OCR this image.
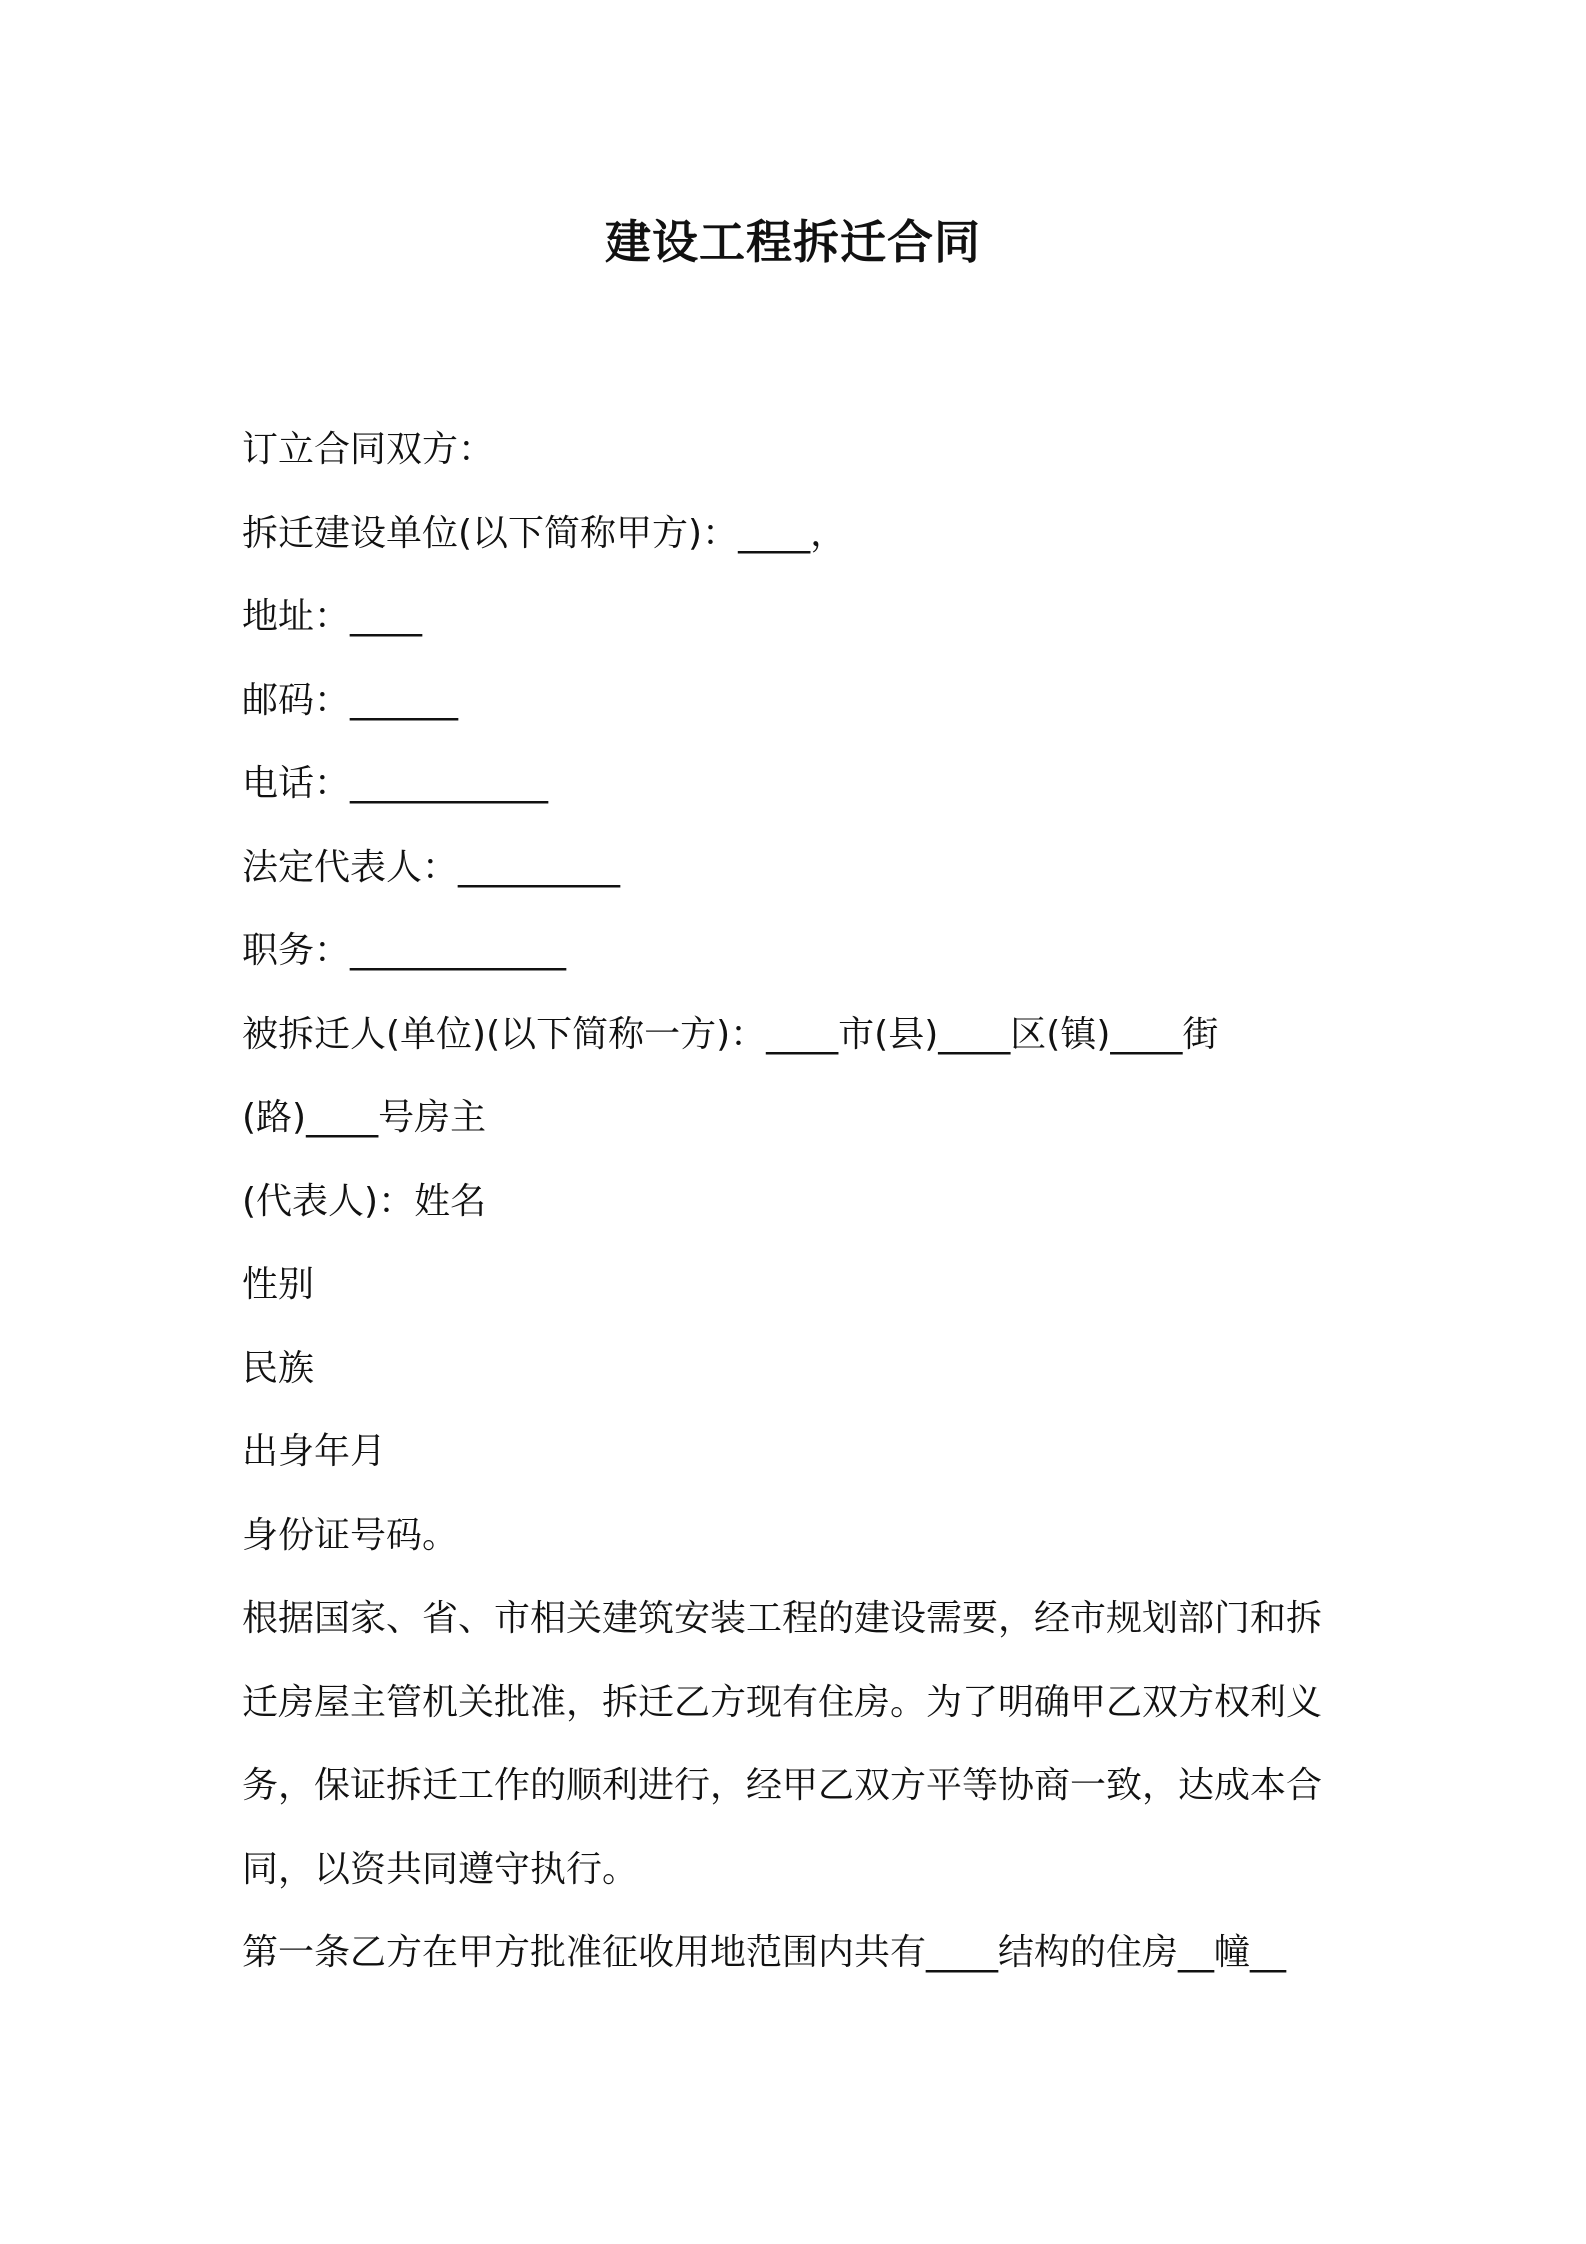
建设工程拆迁合同
订立合同双方：
拆迁建设单位(以下简称甲方)：____，
地址：____
邮码：______
电话：___________
法定代表人：_________
职务：____________
被拆迁人(单位)(以下简称一方)：____市(县)____区(镇)____街
(路)____号房主
(代表人)：姓名
性别
民族
出身年月
身份证号码。
根据国家、省、市相关建筑安装工程的建设需要，经市规划部门和拆
迁房屋主管机关批准，拆迁乙方现有住房。为了明确甲乙双方权利义
务，保证拆迁工作的顺利进行，经甲乙双方平等协商一致，达成本合
同，以资共同遵守执行。
第一条乙方在甲方批准征收用地范围内共有____结构的住房__幢__
